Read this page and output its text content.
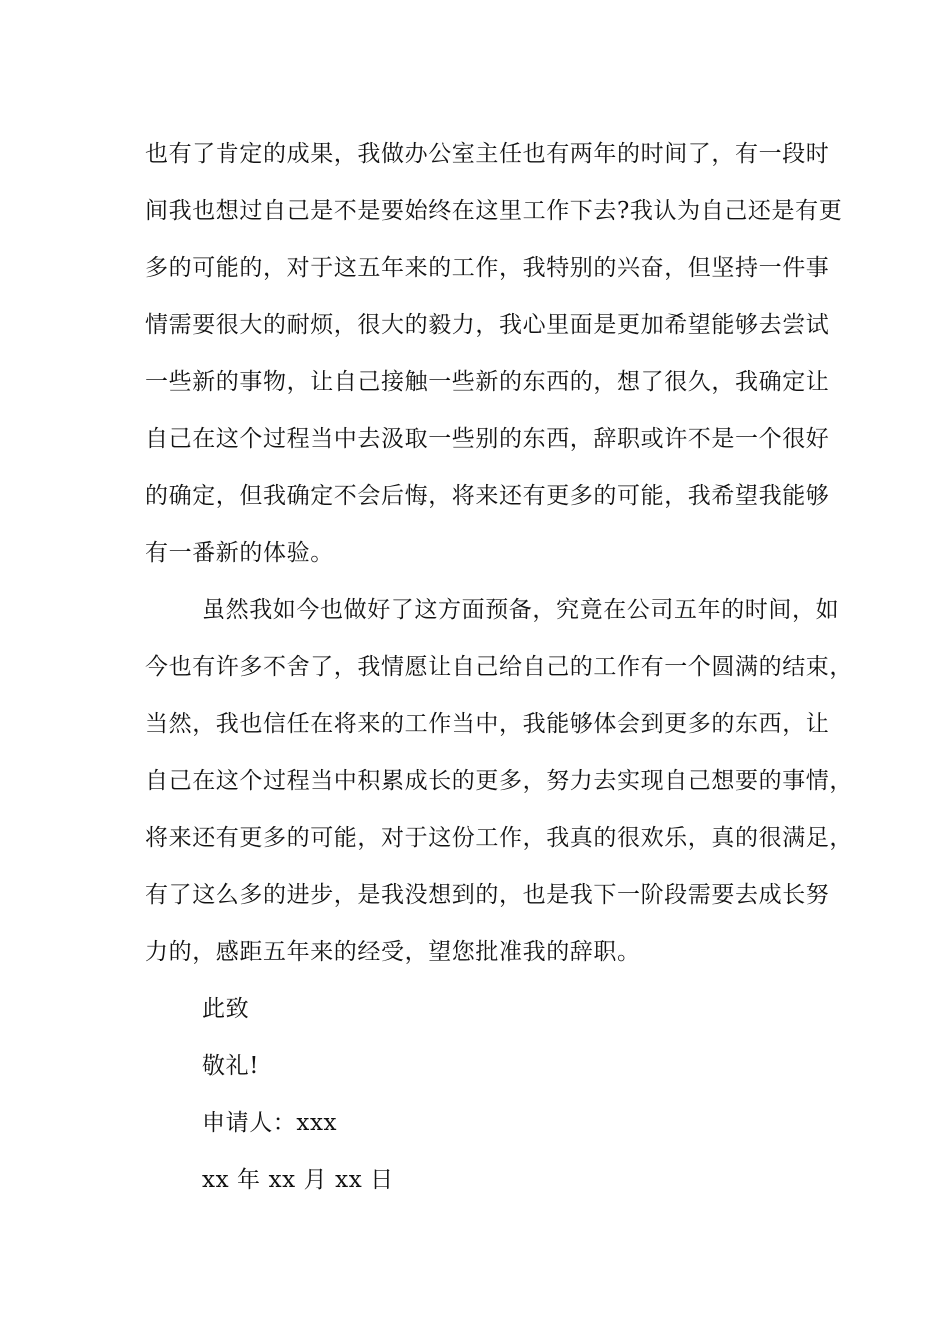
也有了肯定的成果，我做办公室主任也有两年的时间了，有一段时
间我也想过自己是不是要始终在这里工作下去?我认为自己还是有更
多的可能的，对于这五年来的工作，我特别的兴奋，但坚持一件事
情需要很大的耐烦，很大的毅力，我心里面是更加希望能够去尝试
一些新的事物，让自己接触一些新的东西的，想了很久，我确定让
自己在这个过程当中去汲取一些别的东西，辞职或许不是一个很好
的确定，但我确定不会后悔，将来还有更多的可能，我希望我能够
有一番新的体验。
虽然我如今也做好了这方面预备，究竟在公司五年的时间，如
今也有许多不舍了，我情愿让自己给自己的工作有一个圆满的结束，
当然，我也信任在将来的工作当中，我能够体会到更多的东西，让
自己在这个过程当中积累成长的更多，努力去实现自己想要的事情，
将来还有更多的可能，对于这份工作，我真的很欢乐，真的很满足，
有了这么多的进步，是我没想到的，也是我下一阶段需要去成长努
力的，感距五年来的经受，望您批准我的辞职。
此致
敬礼!
申请人：xxx
xx 年 xx 月 xx 日
